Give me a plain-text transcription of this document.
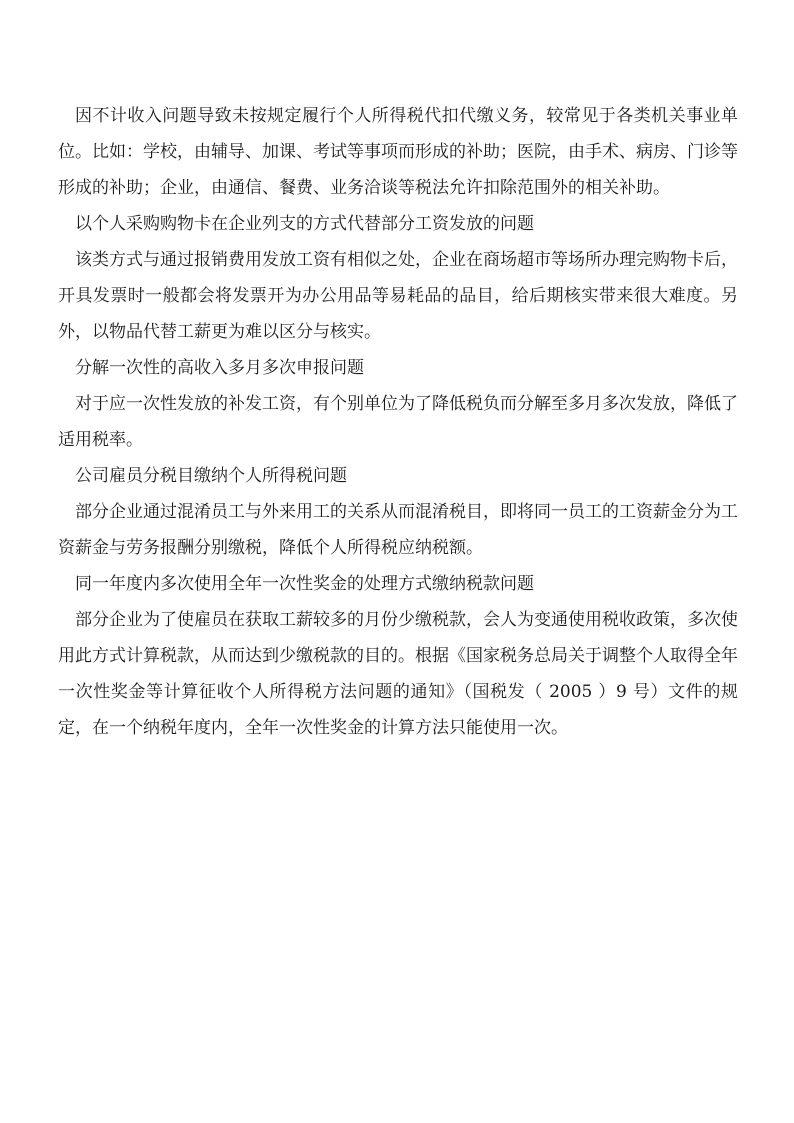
因不计收入问题导致未按规定履行个人所得税代扣代缴义务，较常见于各类机关事业单位。比如：学校，由辅导、加课、考试等事项而形成的补助；医院，由手术、病房、门诊等形成的补助；企业，由通信、餐费、业务洽谈等税法允许扣除范围外的相关补助。

以个人采购购物卡在企业列支的方式代替部分工资发放的问题

该类方式与通过报销费用发放工资有相似之处，企业在商场超市等场所办理完购物卡后，开具发票时一般都会将发票开为办公用品等易耗品的品目，给后期核实带来很大难度。另外，以物品代替工薪更为难以区分与核实。

分解一次性的高收入多月多次申报问题

对于应一次性发放的补发工资，有个别单位为了降低税负而分解至多月多次发放，降低了适用税率。

公司雇员分税目缴纳个人所得税问题

部分企业通过混淆员工与外来用工的关系从而混淆税目，即将同一员工的工资薪金分为工资薪金与劳务报酬分别缴税，降低个人所得税应纳税额。

同一年度内多次使用全年一次性奖金的处理方式缴纳税款问题

部分企业为了使雇员在获取工薪较多的月份少缴税款，会人为变通使用税收政策，多次使用此方式计算税款，从而达到少缴税款的目的。根据《国家税务总局关于调整个人取得全年一次性奖金等计算征收个人所得税方法问题的通知》（国税发（ 2005 ）9 号）文件的规定，在一个纳税年度内，全年一次性奖金的计算方法只能使用一次。
